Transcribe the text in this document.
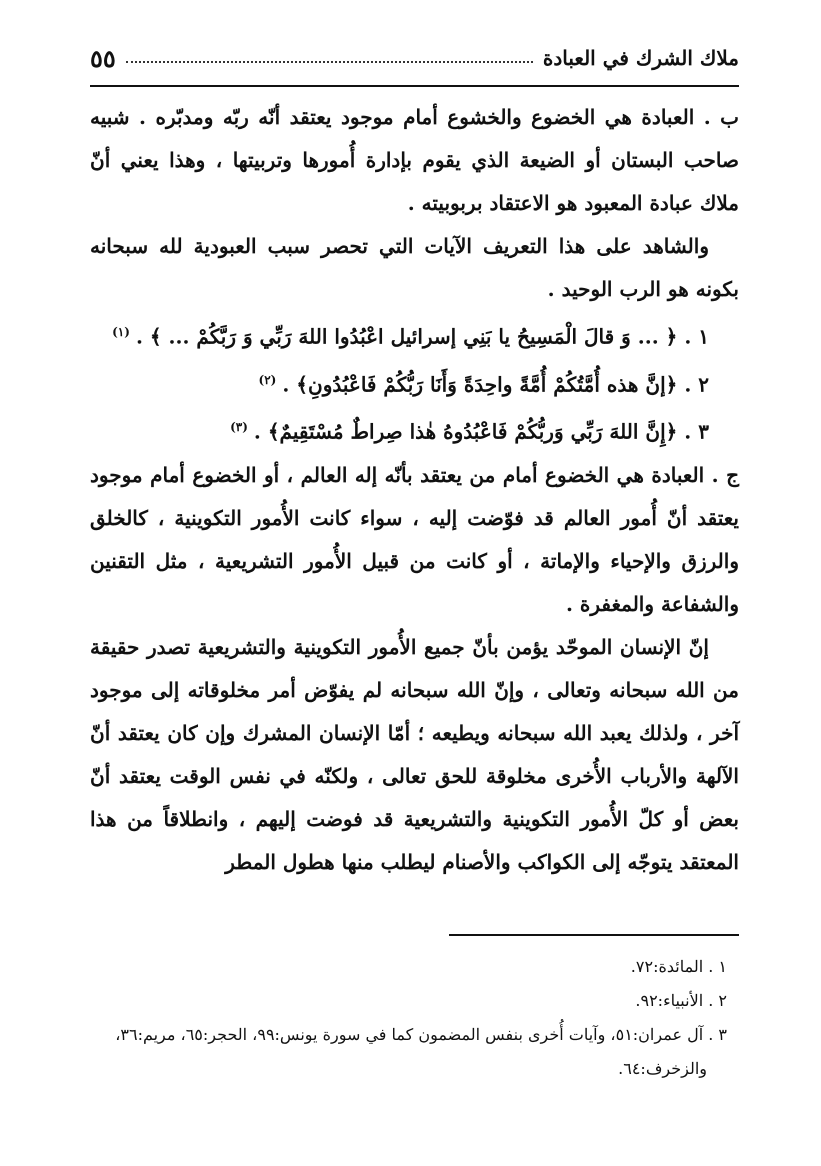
ملاك الشرك في العبادة
٥٥

ب . العبادة هي الخضوع والخشوع أمام موجود يعتقد أنّه ربّه ومدبّره . شبيه صاحب البستان أو الضيعة الذي يقوم بإدارة أُمورها وتربيتها ، وهذا يعني أنّ ملاك عبادة المعبود هو الاعتقاد بربوبيته .

والشاهد على هذا التعريف الآيات التي تحصر سبب العبودية لله سبحانه بكونه هو الرب الوحيد .

١ . ﴿ ... وَ قالَ الْمَسِيحُ يا بَنِي إسرائيل اعْبُدُوا اللهَ رَبِّي وَ رَبَّكُمْ ... ﴾ .$^{(١)}$

٢ . ﴿إنَّ هذه أُمَّتُكُمْ أُمَّةً واحِدَةً وَأَنَا رَبُّكُمْ فَاعْبُدُونِ﴾ .$^{(٢)}$

٣ . ﴿إِنَّ اللهَ رَبِّي وَربُّكُمْ فَاعْبُدُوهُ هٰذا صِراطٌ مُسْتَقِيمٌ﴾ .$^{(٣)}$

ج . العبادة هي الخضوع أمام من يعتقد بأنّه إله العالم ، أو الخضوع أمام موجود يعتقد أنّ أُمور العالم قد فوّضت إليه ، سواء كانت الأُمور التكوينية ، كالخلق والرزق والإحياء والإماتة ، أو كانت من قبيل الأُمور التشريعية ، مثل التقنين والشفاعة والمغفرة .

إنّ الإنسان الموحّد يؤمن بأنّ جميع الأُمور التكوينية والتشريعية تصدر حقيقة من الله سبحانه وتعالى ، وإنّ الله سبحانه لم يفوّض أمر مخلوقاته إلى موجود آخر ، ولذلك يعبد الله سبحانه ويطيعه ؛ أمّا الإنسان المشرك وإن كان يعتقد أنّ الآلهة والأرباب الأُخرى مخلوقة للحق تعالى ، ولكنّه في نفس الوقت يعتقد أنّ بعض أو كلّ الأُمور التكوينية والتشريعية قد فوضت إليهم ، وانطلاقاً من هذا المعتقد يتوجّه إلى الكواكب والأصنام ليطلب منها هطول المطر

١ . المائدة:٧٢.

٢ . الأنبياء:٩٢.

٣ . آل عمران:٥١، وآيات أُخرى بنفس المضمون كما في سورة يونس:٩٩، الحجر:٦٥، مريم:٣٦،

والزخرف:٦٤.
